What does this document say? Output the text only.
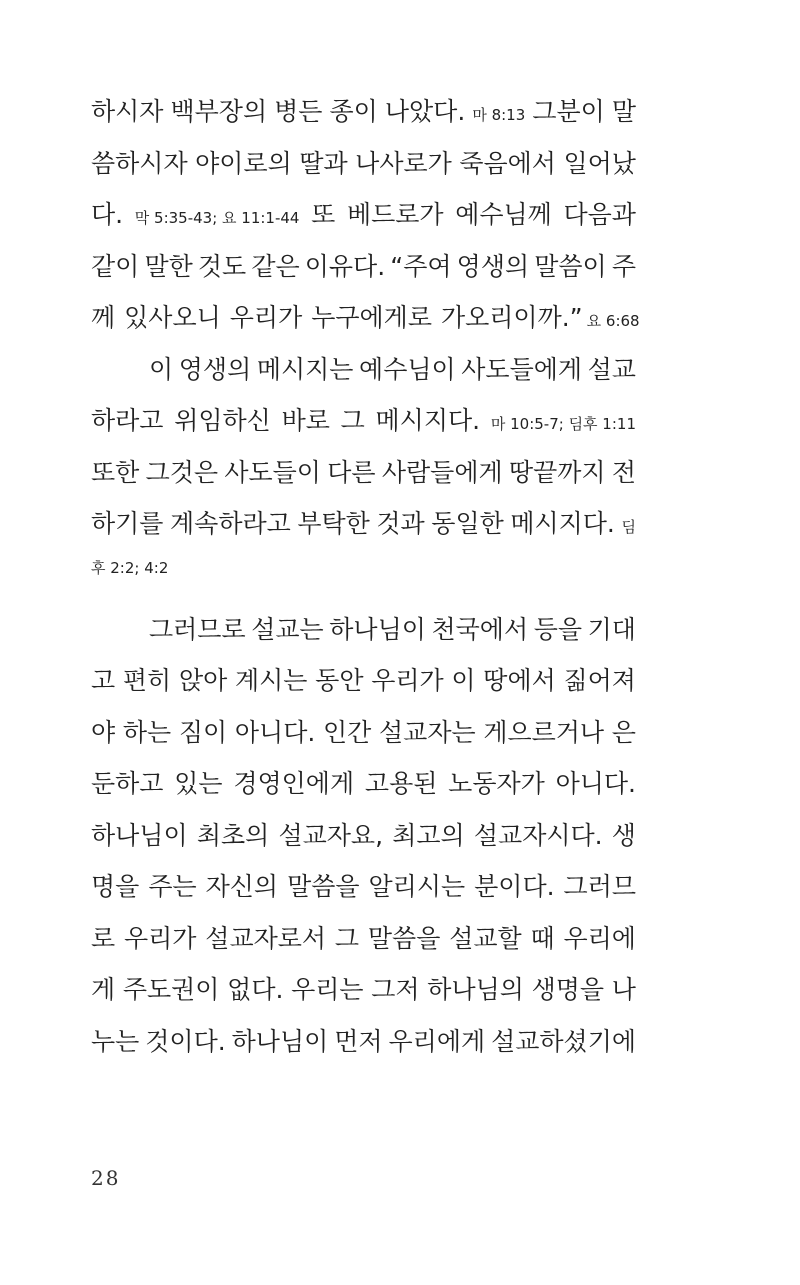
하시자 백부장의 병든 종이 나았다. 마 8:13 그분이 말
씀하시자 야이로의 딸과 나사로가 죽음에서 일어났
다. 막 5:35-43; 요 11:1-44 또 베드로가 예수님께 다음과
같이 말한 것도 같은 이유다. “주여 영생의 말씀이 주
께 있사오니 우리가 누구에게로 가오리이까.” 요 6:68
이 영생의 메시지는 예수님이 사도들에게 설교
하라고 위임하신 바로 그 메시지다. 마 10:5-7; 딤후 1:11
또한 그것은 사도들이 다른 사람들에게 땅끝까지 전
하기를 계속하라고 부탁한 것과 동일한 메시지다. 딤
후 2:2; 4:2
그러므로 설교는 하나님이 천국에서 등을 기대
고 편히 앉아 계시는 동안 우리가 이 땅에서 짊어져
야 하는 짐이 아니다. 인간 설교자는 게으르거나 은
둔하고 있는 경영인에게 고용된 노동자가 아니다.
하나님이 최초의 설교자요, 최고의 설교자시다. 생
명을 주는 자신의 말씀을 알리시는 분이다. 그러므
로 우리가 설교자로서 그 말씀을 설교할 때 우리에
게 주도권이 없다. 우리는 그저 하나님의 생명을 나
누는 것이다. 하나님이 먼저 우리에게 설교하셨기에
28
